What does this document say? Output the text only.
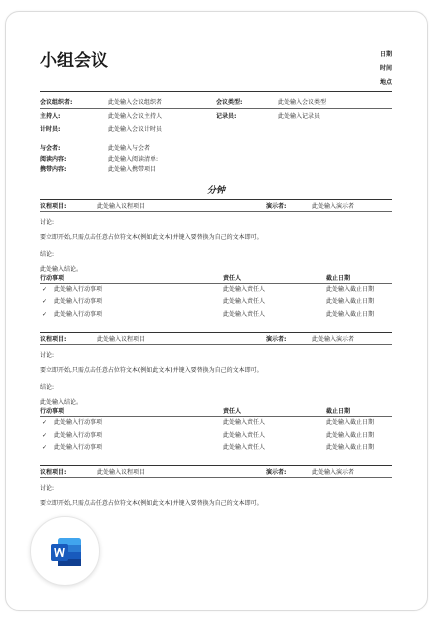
小组会议	日期
时间
地点
会议组织者:	此处输入会议组织者	会议类型:	此处输入会议类型
主持人:	此处输入会议主持人	记录员:	此处输入记录员
计时员:	此处输入会议计时员
与会者:	此处输入与会者
阅读内容:	此处输入阅读清单:
携带内容:	此处输入携带项目
分钟
议程项目:	此处输入议程项目	演示者:	此处输入演示者
讨论:
要立即开始,只需点击任意占位符文本(例如此文本)并键入要替换为自己的文本即可。
结论:
此处输入结论。
行动事项	责任人	截止日期
✓ 此处输入行动事项	此处输入责任人	此处输入截止日期
✓ 此处输入行动事项	此处输入责任人	此处输入截止日期
✓ 此处输入行动事项	此处输入责任人	此处输入截止日期
议程项目:	此处输入议程项目	演示者:	此处输入演示者
讨论:
要立即开始,只需点击任意占位符文本(例如此文本)并键入要替换为自己的文本即可。
结论:
此处输入结论。
行动事项	责任人	截止日期
✓ 此处输入行动事项	此处输入责任人	此处输入截止日期
✓ 此处输入行动事项	此处输入责任人	此处输入截止日期
✓ 此处输入行动事项	此处输入责任人	此处输入截止日期
议程项目:	此处输入议程项目	演示者:	此处输入演示者
讨论:
要立即开始,只需点击任意占位符文本(例如此文本)并键入要替换为自己的文本即可。
